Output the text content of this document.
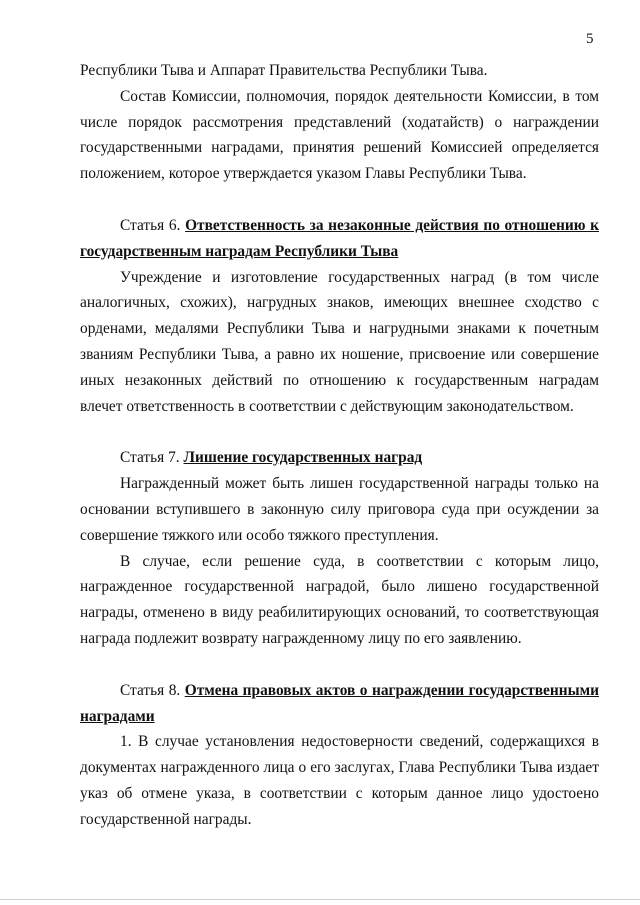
5

Республики Тыва и Аппарат Правительства Республики Тыва.

Состав Комиссии, полномочия, порядок деятельности Комиссии, в том числе порядок рассмотрения представлений (ходатайств) о награждении государственными наградами, принятия решений Комиссией определяется положением, которое утверждается указом Главы Республики Тыва.

Статья 6. Ответственность за незаконные действия по отношению к государственным наградам Республики Тыва

Учреждение и изготовление государственных наград (в том числе аналогичных, схожих), нагрудных знаков, имеющих внешнее сходство с орденами, медалями Республики Тыва и нагрудными знаками к почетным званиям Республики Тыва, а равно их ношение, присвоение или совершение иных незаконных действий по отношению к государственным наградам влечет ответственность в соответствии с действующим законодательством.

Статья 7. Лишение государственных наград

Награжденный может быть лишен государственной награды только на основании вступившего в законную силу приговора суда при осуждении за совершение тяжкого или особо тяжкого преступления.

В случае, если решение суда, в соответствии с которым лицо, награжденное государственной наградой, было лишено государственной награды, отменено в виду реабилитирующих оснований, то соответствующая награда подлежит возврату награжденному лицу по его заявлению.

Статья 8. Отмена правовых актов о награждении государственными наградами

1. В случае установления недостоверности сведений, содержащихся в документах награжденного лица о его заслугах, Глава Республики Тыва издает указ об отмене указа, в соответствии с которым данное лицо удостоено государственной награды.
